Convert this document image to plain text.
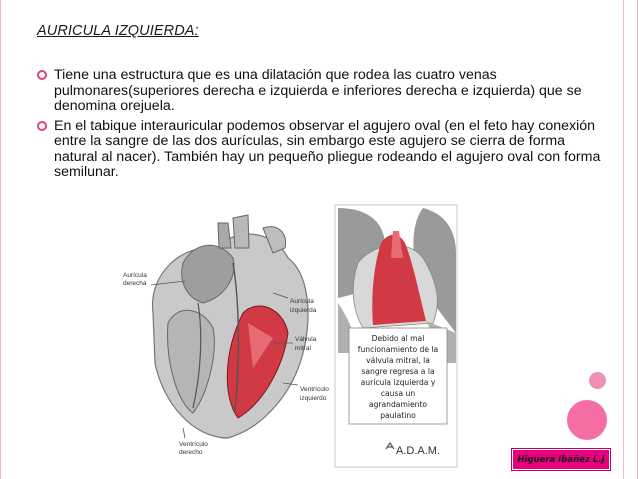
AURICULA IZQUIERDA:
Tiene una estructura que es una dilatación que rodea las cuatro venas pulmonares(superiores derecha e izquierda e inferiores derecha e izquierda) que se denomina orejuela.
En el tabique interauricular podemos observar el agujero oval (en el feto hay conexión entre la sangre de las dos aurículas, sin embargo este agujero se cierra de forma natural al nacer). También hay un pequeño pliegue rodeando el agujero oval con forma semilunar.
Aurícula
derecha
Aurícula
izquierda
Válvula
mitral
Ventrículo
izquierdo
Ventrículo
derecho
Debido al mal
funcionamiento de la
válvula mitral, la
sangre regresa a la
aurícula izquierda y
causa un
agrandamiento
paulatino
A.D.A.M.
Higuera Ibañez L.J
